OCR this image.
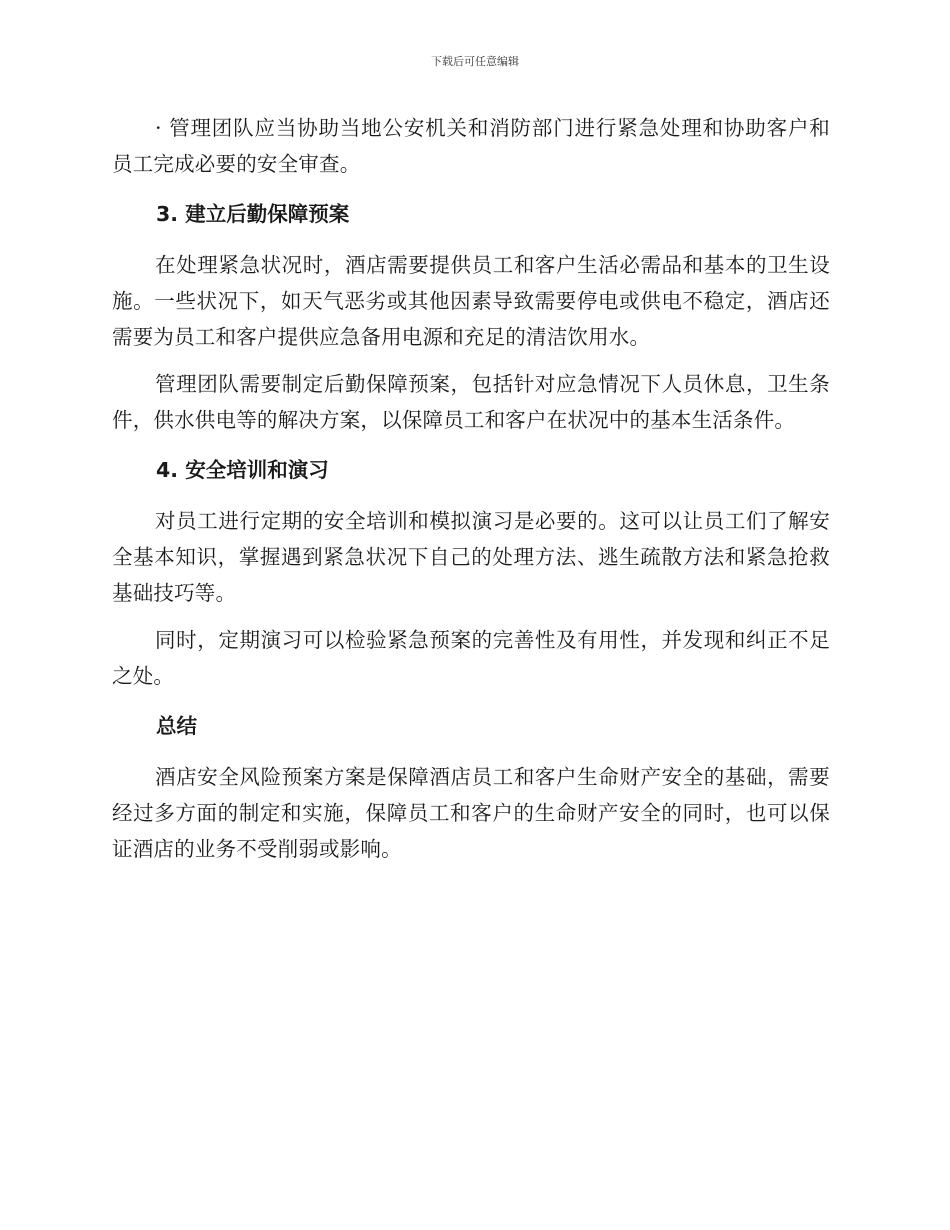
下载后可任意编辑

· 管理团队应当协助当地公安机关和消防部门进行紧急处理和协助客户和员工完成必要的安全审查。

3. 建立后勤保障预案

在处理紧急状况时，酒店需要提供员工和客户生活必需品和基本的卫生设施。一些状况下，如天气恶劣或其他因素导致需要停电或供电不稳定，酒店还需要为员工和客户提供应急备用电源和充足的清洁饮用水。

管理团队需要制定后勤保障预案，包括针对应急情况下人员休息，卫生条件，供水供电等的解决方案，以保障员工和客户在状况中的基本生活条件。

4. 安全培训和演习

对员工进行定期的安全培训和模拟演习是必要的。这可以让员工们了解安全基本知识，掌握遇到紧急状况下自己的处理方法、逃生疏散方法和紧急抢救基础技巧等。

同时，定期演习可以检验紧急预案的完善性及有用性，并发现和纠正不足之处。

总结

酒店安全风险预案方案是保障酒店员工和客户生命财产安全的基础，需要经过多方面的制定和实施，保障员工和客户的生命财产安全的同时，也可以保证酒店的业务不受削弱或影响。
